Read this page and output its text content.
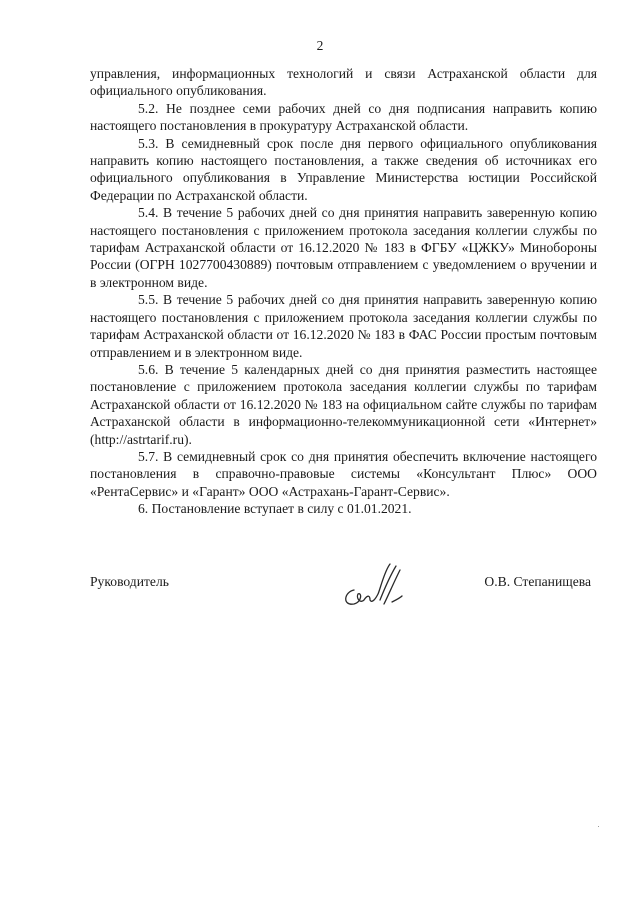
2

управления, информационных технологий и связи Астраханской области для официального опубликования.

5.2. Не позднее семи рабочих дней со дня подписания направить копию настоящего постановления в прокуратуру Астраханской области.

5.3. В семидневный срок после дня первого официального опубликования направить копию настоящего постановления, а также сведения об источниках его официального опубликования в Управление Министерства юстиции Российской Федерации по Астраханской области.

5.4. В течение 5 рабочих дней со дня принятия направить заверенную копию настоящего постановления с приложением протокола заседания коллегии службы по тарифам Астраханской области от 16.12.2020 № 183 в ФГБУ «ЦЖКУ» Минобороны России (ОГРН 1027700430889) почтовым отправлением с уведомлением о вручении и в электронном виде.

5.5. В течение 5 рабочих дней со дня принятия направить заверенную копию настоящего постановления с приложением протокола заседания коллегии службы по тарифам Астраханской области от 16.12.2020 № 183 в ФАС России простым почтовым отправлением и в электронном виде.

5.6. В течение 5 календарных дней со дня принятия разместить настоящее постановление с приложением протокола заседания коллегии службы по тарифам Астраханской области от 16.12.2020 № 183 на официальном сайте службы по тарифам Астраханской области в информационно-телекоммуникационной сети «Интернет» (http://astrtarif.ru).

5.7. В семидневный срок со дня принятия обеспечить включение настоящего постановления в справочно-правовые системы «Консультант Плюс» ООО «РентаСервис» и «Гарант» ООО «Астрахань-Гарант-Сервис».

6. Постановление вступает в силу с 01.01.2021.

Руководитель	О.В. Степанищева
